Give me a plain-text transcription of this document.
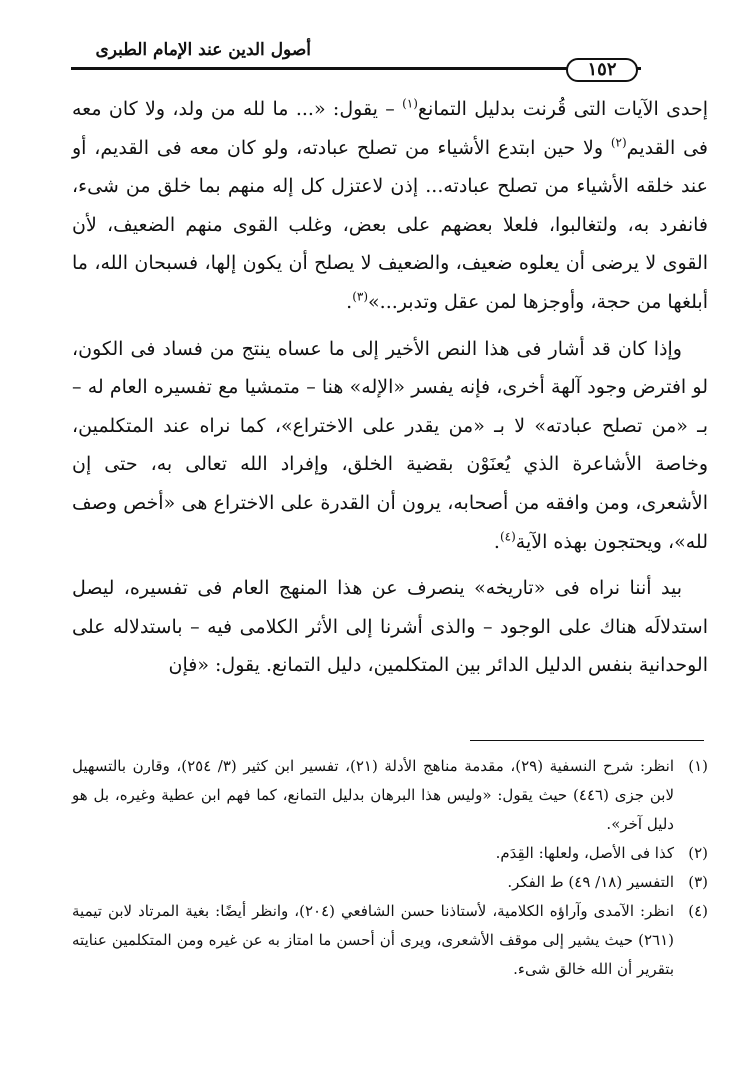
أصول الدين عند الإمام الطبرى
١٥٢

إحدى الآيات التى قُرنت بدليل التمانع$^{(١)}$ – يقول: «... ما لله من ولد، ولا كان معه فى القديم$^{(٢)}$ ولا حين ابتدع الأشياء من تصلح عبادته، ولو كان معه فى القديم، أو عند خلقه الأشياء من تصلح عبادته... إذن لاعتزل كل إله منهم بما خلق من شىء، فانفرد به، ولتغالبوا، فلعلا بعضهم على بعض، وغلب القوى منهم الضعيف، لأن القوى لا يرضى أن يعلوه ضعيف، والضعيف لا يصلح أن يكون إلها، فسبحان الله، ما أبلغها من حجة، وأوجزها لمن عقل وتدبر...»$^{(٣)}$.

وإذا كان قد أشار فى هذا النص الأخير إلى ما عساه ينتج من فساد فى الكون، لو افترض وجود آلهة أخرى، فإنه يفسر «الإله» هنا – متمشيا مع تفسيره العام له – بـ «من تصلح عبادته» لا بـ «من يقدر على الاختراع»، كما نراه عند المتكلمين، وخاصة الأشاعرة الذي يُعنَوْن بقضية الخلق، وإفراد الله تعالى به، حتى إن الأشعرى، ومن وافقه من أصحابه، يرون أن القدرة على الاختراع هى «أخص وصف لله»، ويحتجون بهذه الآية$^{(٤)}$.

بيد أننا نراه فى «تاريخه» ينصرف عن هذا المنهج العام فى تفسيره، ليصل استدلالَه هناك على الوجود – والذى أشرنا إلى الأثر الكلامى فيه – باستدلاله على الوحدانية بنفس الدليل الدائر بين المتكلمين، دليل التمانع. يقول: «فإن

(١)
انظر: شرح النسفية (٢٩)، مقدمة مناهج الأدلة (٢١)، تفسير ابن كثير (٣/ ٢٥٤)، وقارن بالتسهيل لابن جزى (٤٤٦) حيث يقول: «وليس هذا البرهان بدليل التمانع، كما فهم ابن عطية وغيره، بل هو دليل آخر».
(٢)
كذا فى الأصل، ولعلها: القِدَم.
(٣)
التفسير (١٨/ ٤٩) ط الفكر.
(٤)
انظر: الآمدى وآراؤه الكلامية، لأستاذنا حسن الشافعي (٢٠٤)، وانظر أيضًا: بغية المرتاد لابن تيمية (٢٦١) حيث يشير إلى موقف الأشعرى، ويرى أن أحسن ما امتاز به عن غيره ومن المتكلمين عنايته بتقرير أن الله خالق شىء.
